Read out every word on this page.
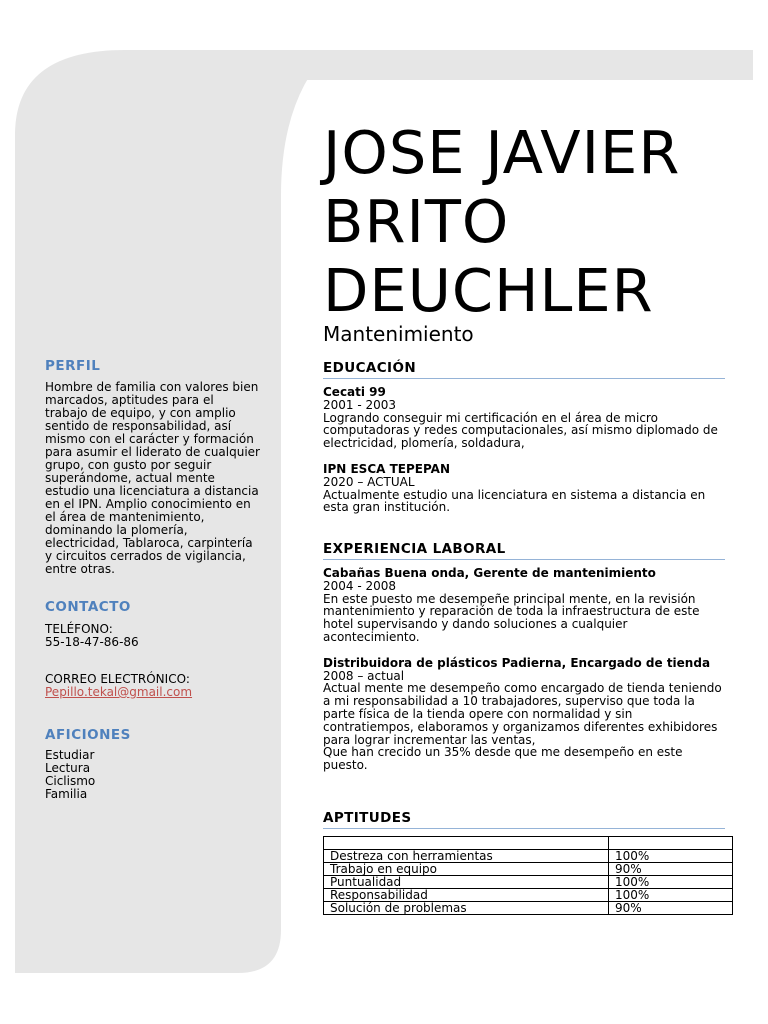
PERFIL

Hombre de familia con valores bien marcados, aptitudes para el trabajo de equipo, y con amplio sentido de responsabilidad, así mismo con el carácter y formación para asumir el liderato de cualquier grupo, con gusto por seguir superándome, actual mente estudio una licenciatura a distancia en el IPN. Amplio conocimiento en el área de mantenimiento, dominando la plomería, electricidad, Tablaroca, carpintería y circuitos cerrados de vigilancia, entre otras.

CONTACTO

TELÉFONO:

55-18-47-86-86

CORREO ELECTRÓNICO:

Pepillo.tekal@gmail.com

AFICIONES

Estudiar

Lectura

Ciclismo

Familia

JOSE JAVIER
BRITO
DEUCHLER
Mantenimiento
EDUCACIÓN
Cecati 99
2001 - 2003
Logrando conseguir mi certificación en el área de micro computadoras y redes computacionales, así mismo diplomado de electricidad, plomería, soldadura,
IPN ESCA TEPEPAN
2020 – ACTUAL
Actualmente estudio una licenciatura en sistema a distancia en esta gran institución.
EXPERIENCIA LABORAL
Cabañas Buena onda, Gerente de mantenimiento
2004 - 2008
En este puesto me desempeñe principal mente, en la revisión mantenimiento y reparación de toda la infraestructura de este hotel supervisando y dando soluciones a cualquier acontecimiento.
Distribuidora de plásticos Padierna, Encargado de tienda
2008 – actual
Actual mente me desempeño como encargado de tienda teniendo a mi responsabilidad a 10 trabajadores, superviso que toda la parte física de la tienda opere con normalidad y sin contratiempos, elaboramos y organizamos diferentes exhibidores para lograr incrementar las ventas,
Que han crecido un 35% desde que me desempeño en este puesto.
APTITUDES

Destreza con herramientas	100%
Trabajo en equipo	90%
Puntualidad	100%
Responsabilidad	100%
Solución de problemas	90%
